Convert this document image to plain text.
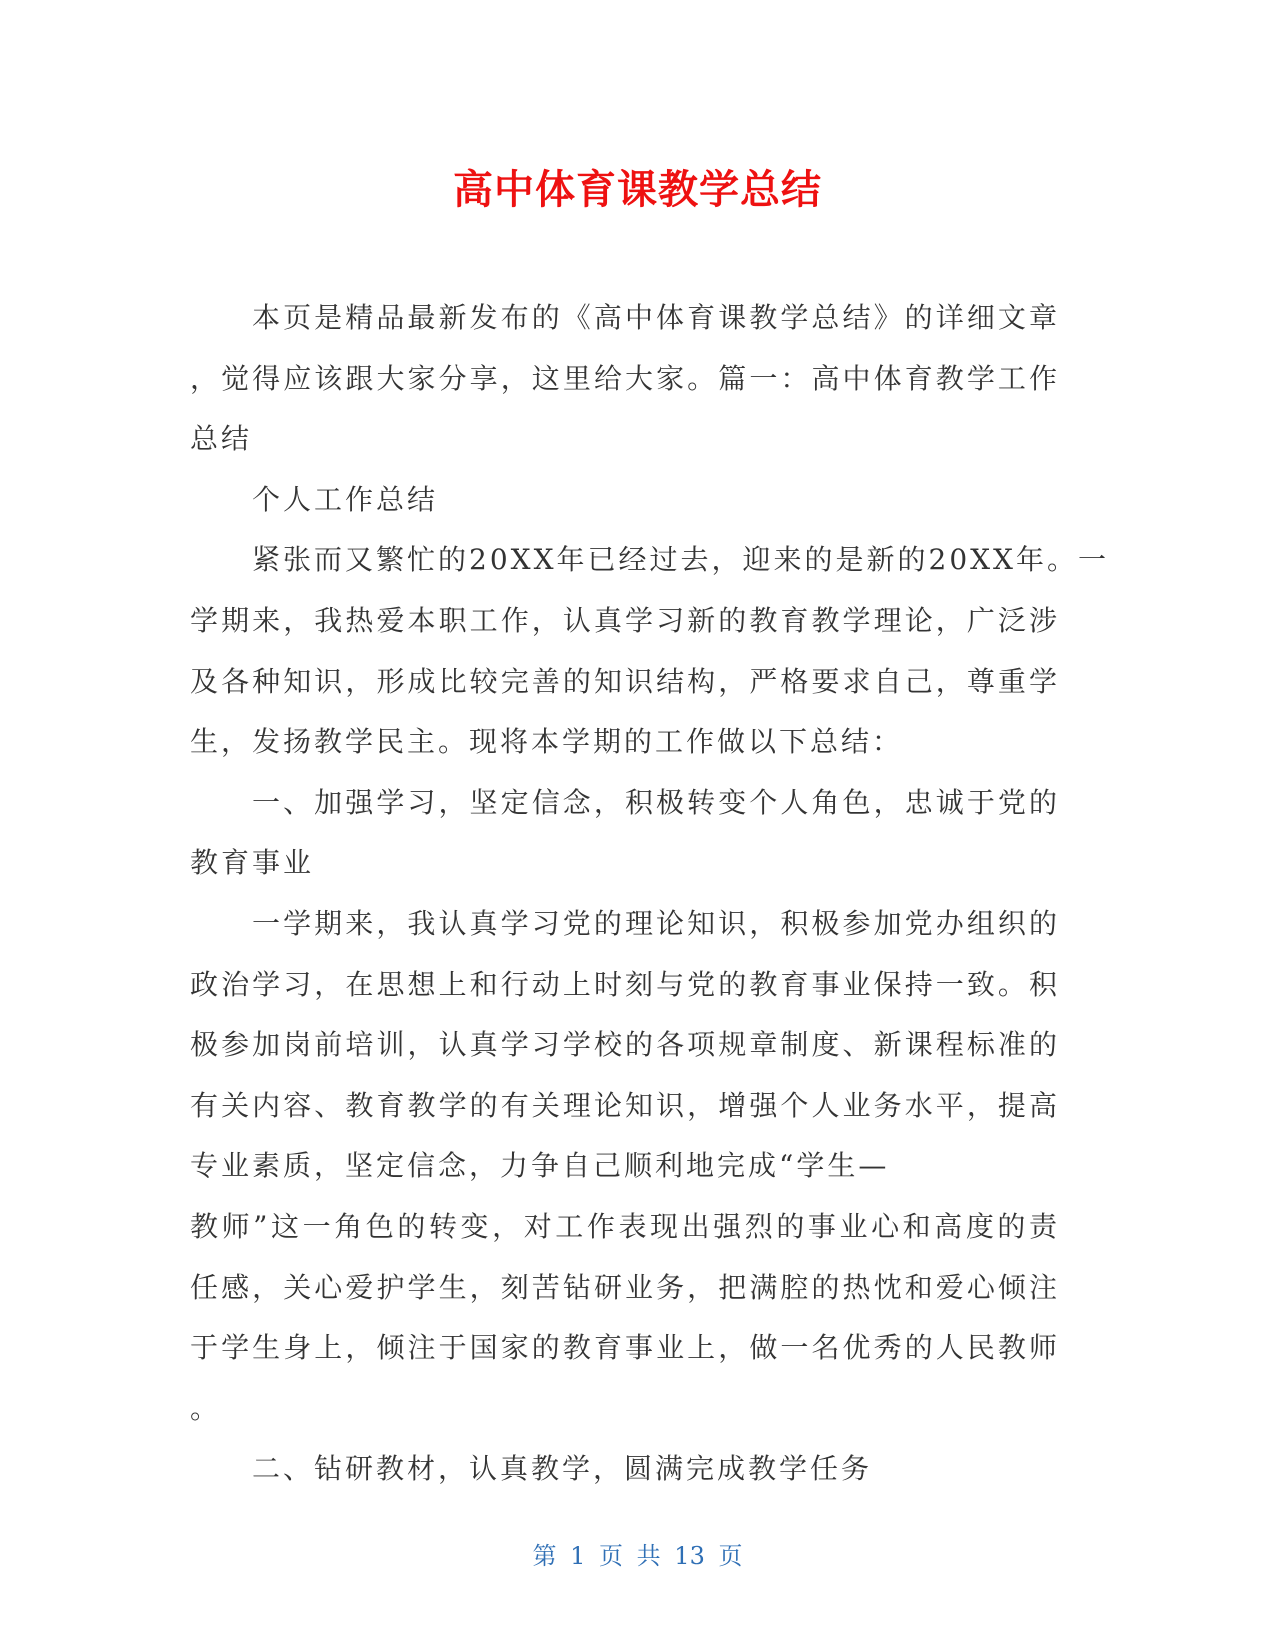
高中体育课教学总结
本页是精品最新发布的《高中体育课教学总结》的详细文章
，觉得应该跟大家分享，这里给大家。篇一：高中体育教学工作
总结
个人工作总结
紧张而又繁忙的20XX年已经过去，迎来的是新的20XX年。一
学期来，我热爱本职工作，认真学习新的教育教学理论，广泛涉
及各种知识，形成比较完善的知识结构，严格要求自己，尊重学
生，发扬教学民主。现将本学期的工作做以下总结：
一、加强学习，坚定信念，积极转变个人角色，忠诚于党的
教育事业
一学期来，我认真学习党的理论知识，积极参加党办组织的
政治学习，在思想上和行动上时刻与党的教育事业保持一致。积
极参加岗前培训，认真学习学校的各项规章制度、新课程标准的
有关内容、教育教学的有关理论知识，增强个人业务水平，提高
专业素质，坚定信念，力争自己顺利地完成“学生—
教师”这一角色的转变，对工作表现出强烈的事业心和高度的责
任感，关心爱护学生，刻苦钻研业务，把满腔的热忱和爱心倾注
于学生身上，倾注于国家的教育事业上，做一名优秀的人民教师
。
二、钻研教材，认真教学，圆满完成教学任务
第 1 页 共 13 页
